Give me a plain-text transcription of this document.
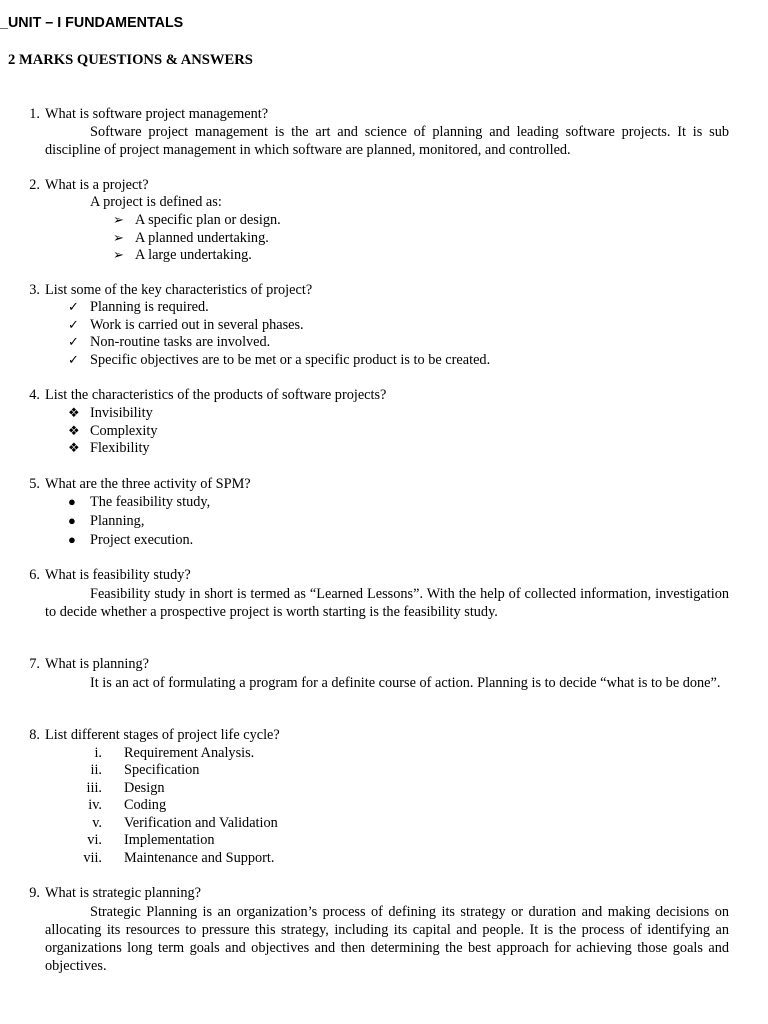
_UNIT – I FUNDAMENTALS
2 MARKS QUESTIONS & ANSWERS
1. What is software project management?
Software project management is the art and science of planning and leading software projects. It is sub discipline of project management in which software are planned, monitored, and controlled.
2. What is a project?
A project is defined as:
➢ A specific plan or design.
➢ A planned undertaking.
➢ A large undertaking.
3. List some of the key characteristics of project?
✓ Planning is required.
✓ Work is carried out in several phases.
✓ Non-routine tasks are involved.
✓ Specific objectives are to be met or a specific product is to be created.
4. List the characteristics of the products of software projects?
❖ Invisibility
❖ Complexity
❖ Flexibility
5. What are the three activity of SPM?
● The feasibility study,
● Planning,
● Project execution.
6. What is feasibility study?
Feasibility study in short is termed as “Learned Lessons”. With the help of collected information, investigation to decide whether a prospective project is worth starting is the feasibility study.
7. What is planning?
It is an act of formulating a program for a definite course of action. Planning is to decide “what is to be done”.
8. List different stages of project life cycle?
i. Requirement Analysis.
ii. Specification
iii. Design
iv. Coding
v. Verification and Validation
vi. Implementation
vii. Maintenance and Support.
9. What is strategic planning?
Strategic Planning is an organization’s process of defining its strategy or duration and making decisions on allocating its resources to pressure this strategy, including its capital and people. It is the process of identifying an organizations long term goals and objectives and then determining the best approach for achieving those goals and objectives.
